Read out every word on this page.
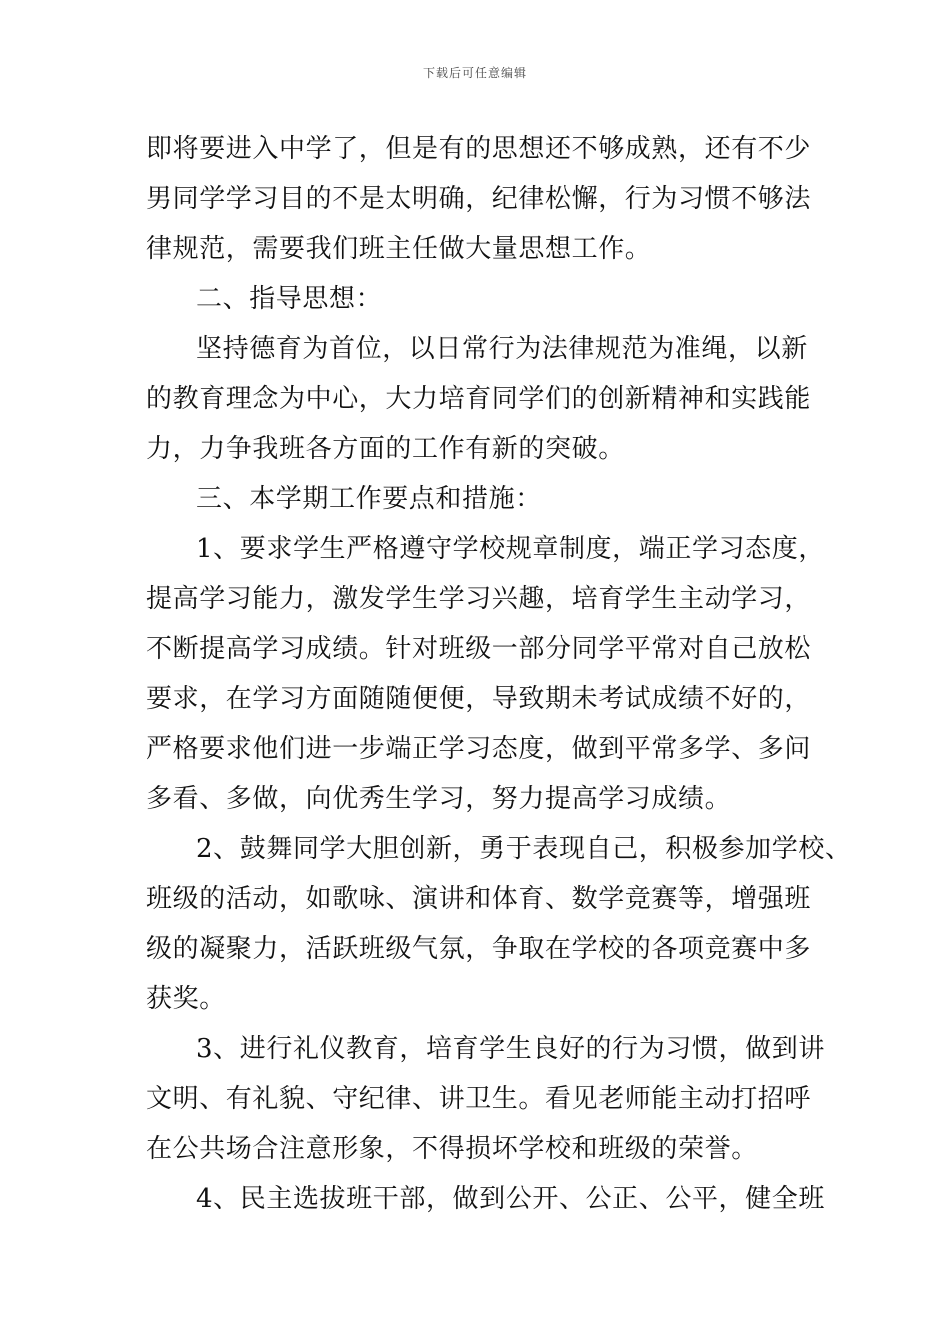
下载后可任意编辑
即将要进入中学了，但是有的思想还不够成熟，还有不少
男同学学习目的不是太明确，纪律松懈，行为习惯不够法
律规范，需要我们班主任做大量思想工作。
二、指导思想：
坚持德育为首位，以日常行为法律规范为准绳，以新
的教育理念为中心，大力培育同学们的创新精神和实践能
力，力争我班各方面的工作有新的突破。
三、本学期工作要点和措施：
1、要求学生严格遵守学校规章制度，端正学习态度，
提高学习能力，激发学生学习兴趣，培育学生主动学习，
不断提高学习成绩。针对班级一部分同学平常对自己放松
要求，在学习方面随随便便，导致期未考试成绩不好的，
严格要求他们进一步端正学习态度，做到平常多学、多问
多看、多做，向优秀生学习，努力提高学习成绩。
2、鼓舞同学大胆创新，勇于表现自己，积极参加学校、
班级的活动，如歌咏、演讲和体育、数学竞赛等，增强班
级的凝聚力，活跃班级气氛，争取在学校的各项竞赛中多
获奖。
3、进行礼仪教育，培育学生良好的行为习惯，做到讲
文明、有礼貌、守纪律、讲卫生。看见老师能主动打招呼
在公共场合注意形象，不得损坏学校和班级的荣誉。
4、民主选拔班干部，做到公开、公正、公平，健全班
